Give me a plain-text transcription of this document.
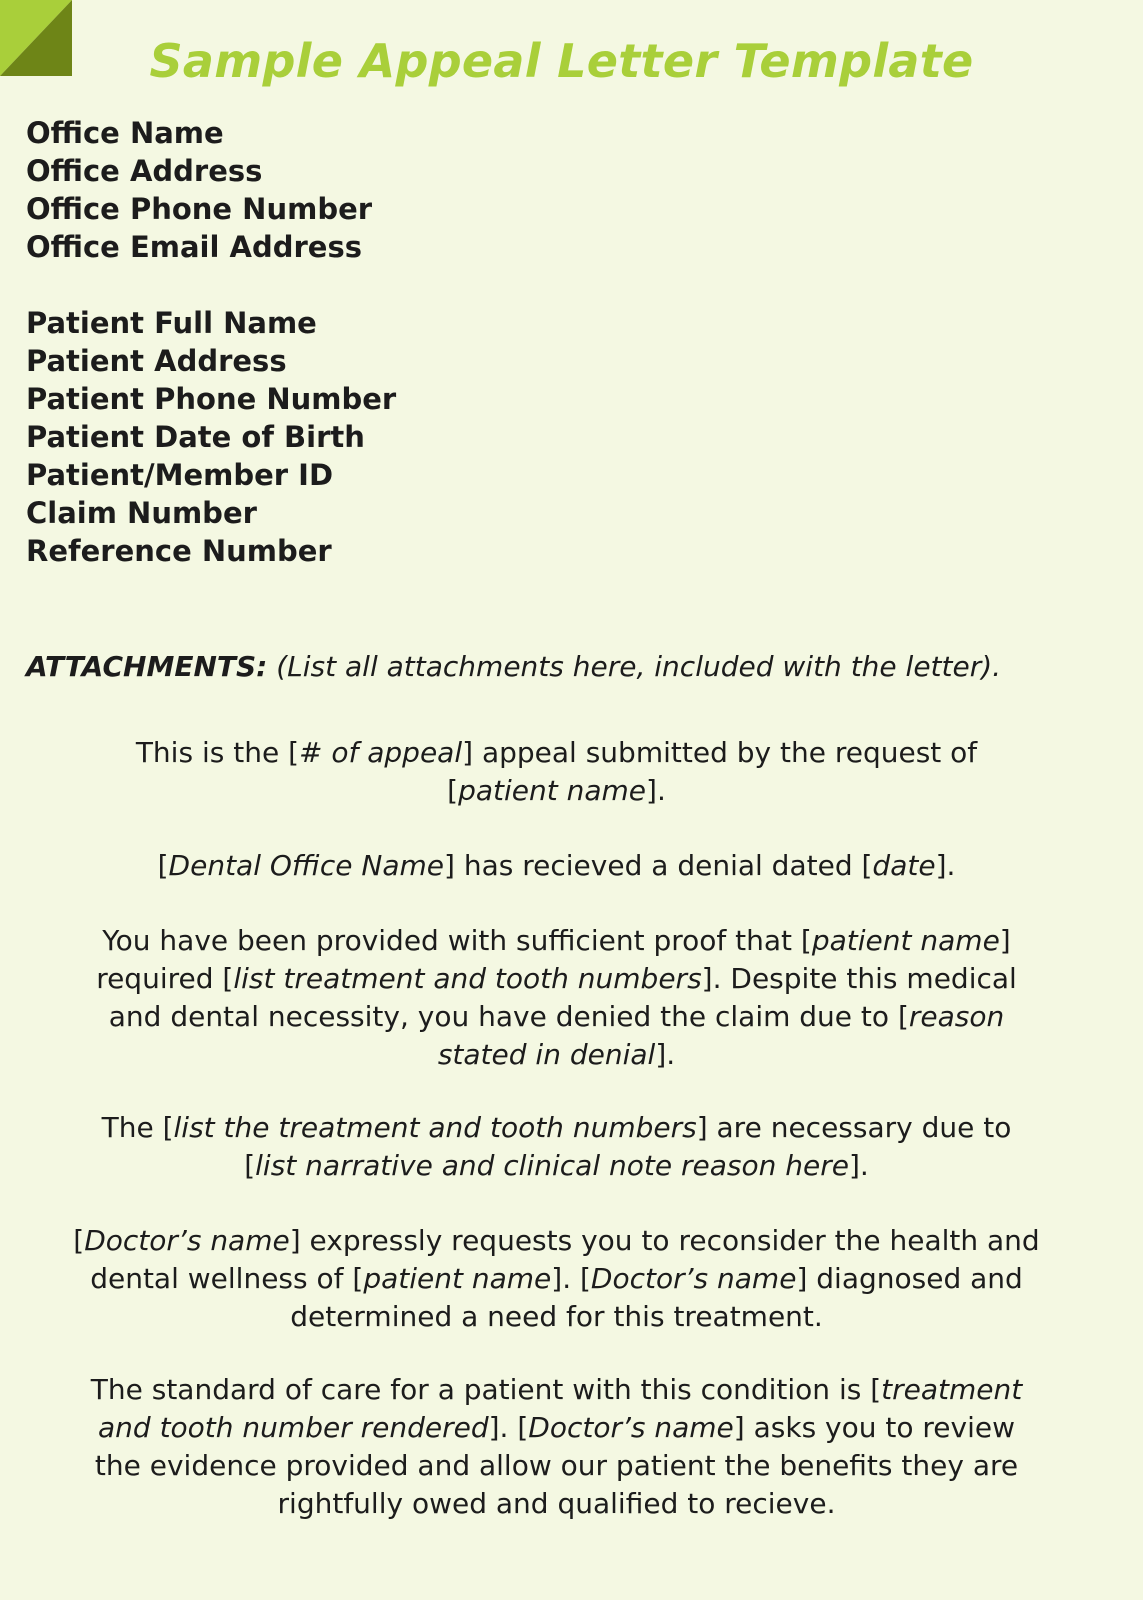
Sample Appeal Letter Template
Office Name
Office Address
Office Phone Number
Office Email Address
Patient Full Name
Patient Address
Patient Phone Number
Patient Date of Birth
Patient/Member ID
Claim Number
Reference Number

ATTACHMENTS: (List all attachments here, included with the letter).

This is the [# of appeal] appeal submitted by the request of
[patient name].

[Dental Office Name] has recieved a denial dated [date].

You have been provided with sufficient proof that [patient name]
required [list treatment and tooth numbers]. Despite this medical
and dental necessity, you have denied the claim due to [reason
stated in denial].

The [list the treatment and tooth numbers] are necessary due to
[list narrative and clinical note reason here].

[Doctor’s name] expressly requests you to reconsider the health and
dental wellness of [patient name]. [Doctor’s name] diagnosed and
determined a need for this treatment.

The standard of care for a patient with this condition is [treatment
and tooth number rendered]. [Doctor’s name] asks you to review
the evidence provided and allow our patient the benefits they are
rightfully owed and qualified to recieve.
